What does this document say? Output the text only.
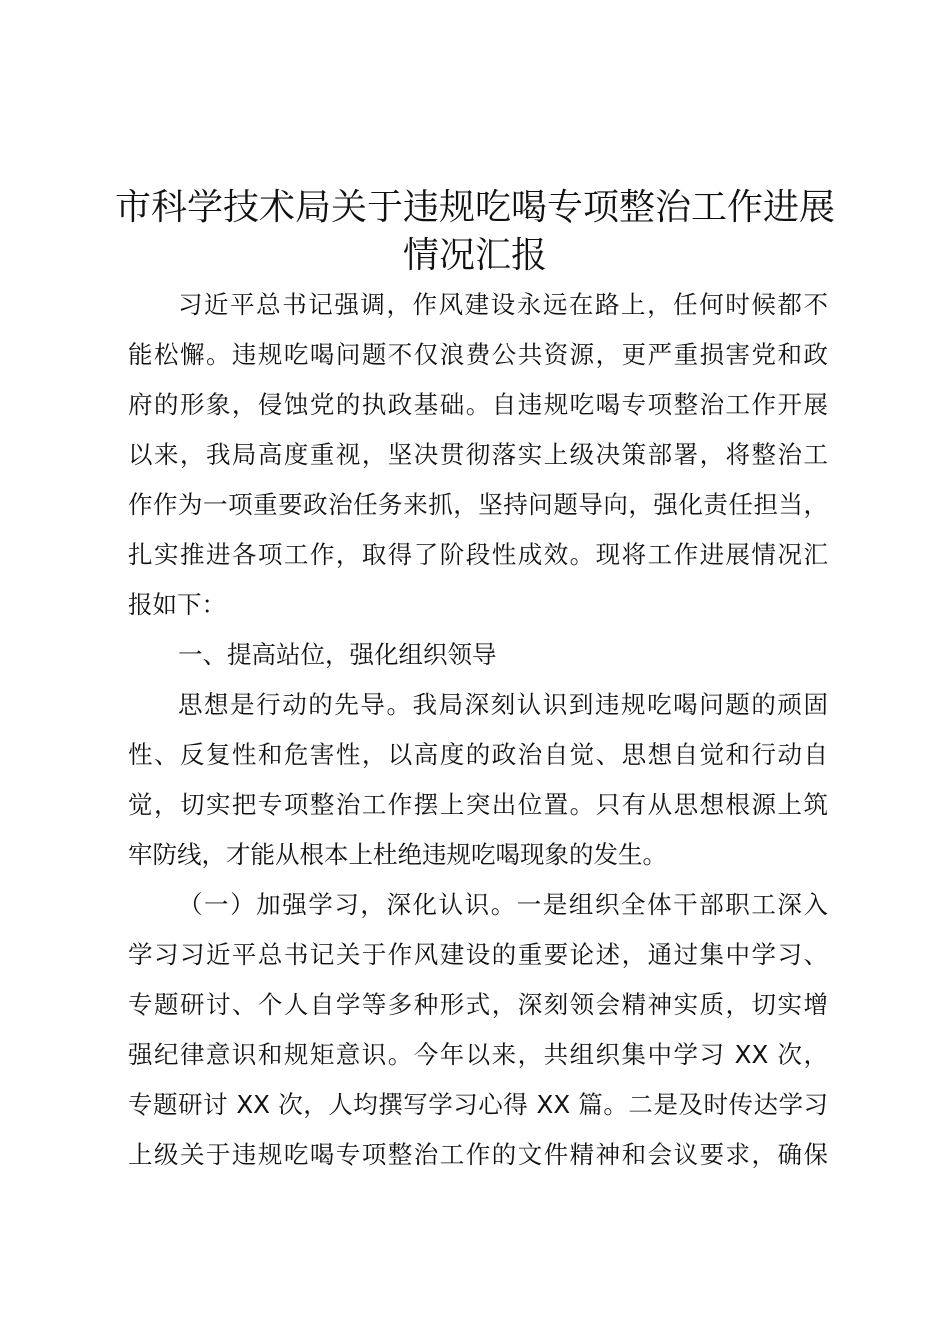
市科学技术局关于违规吃喝专项整治工作进展
情况汇报
习近平总书记强调，作风建设永远在路上，任何时候都不
能松懈。违规吃喝问题不仅浪费公共资源，更严重损害党和政
府的形象，侵蚀党的执政基础。自违规吃喝专项整治工作开展
以来，我局高度重视，坚决贯彻落实上级决策部署，将整治工
作作为一项重要政治任务来抓，坚持问题导向，强化责任担当，
扎实推进各项工作，取得了阶段性成效。现将工作进展情况汇
报如下：
一、提高站位，强化组织领导
思想是行动的先导。我局深刻认识到违规吃喝问题的顽固
性、反复性和危害性，以高度的政治自觉、思想自觉和行动自
觉，切实把专项整治工作摆上突出位置。只有从思想根源上筑
牢防线，才能从根本上杜绝违规吃喝现象的发生。
（一）加强学习，深化认识。一是组织全体干部职工深入
学习习近平总书记关于作风建设的重要论述，通过集中学习、
专题研讨、个人自学等多种形式，深刻领会精神实质，切实增
强纪律意识和规矩意识。今年以来，共组织集中学习 XX 次，
专题研讨 XX 次，人均撰写学习心得 XX 篇。二是及时传达学习
上级关于违规吃喝专项整治工作的文件精神和会议要求，确保
